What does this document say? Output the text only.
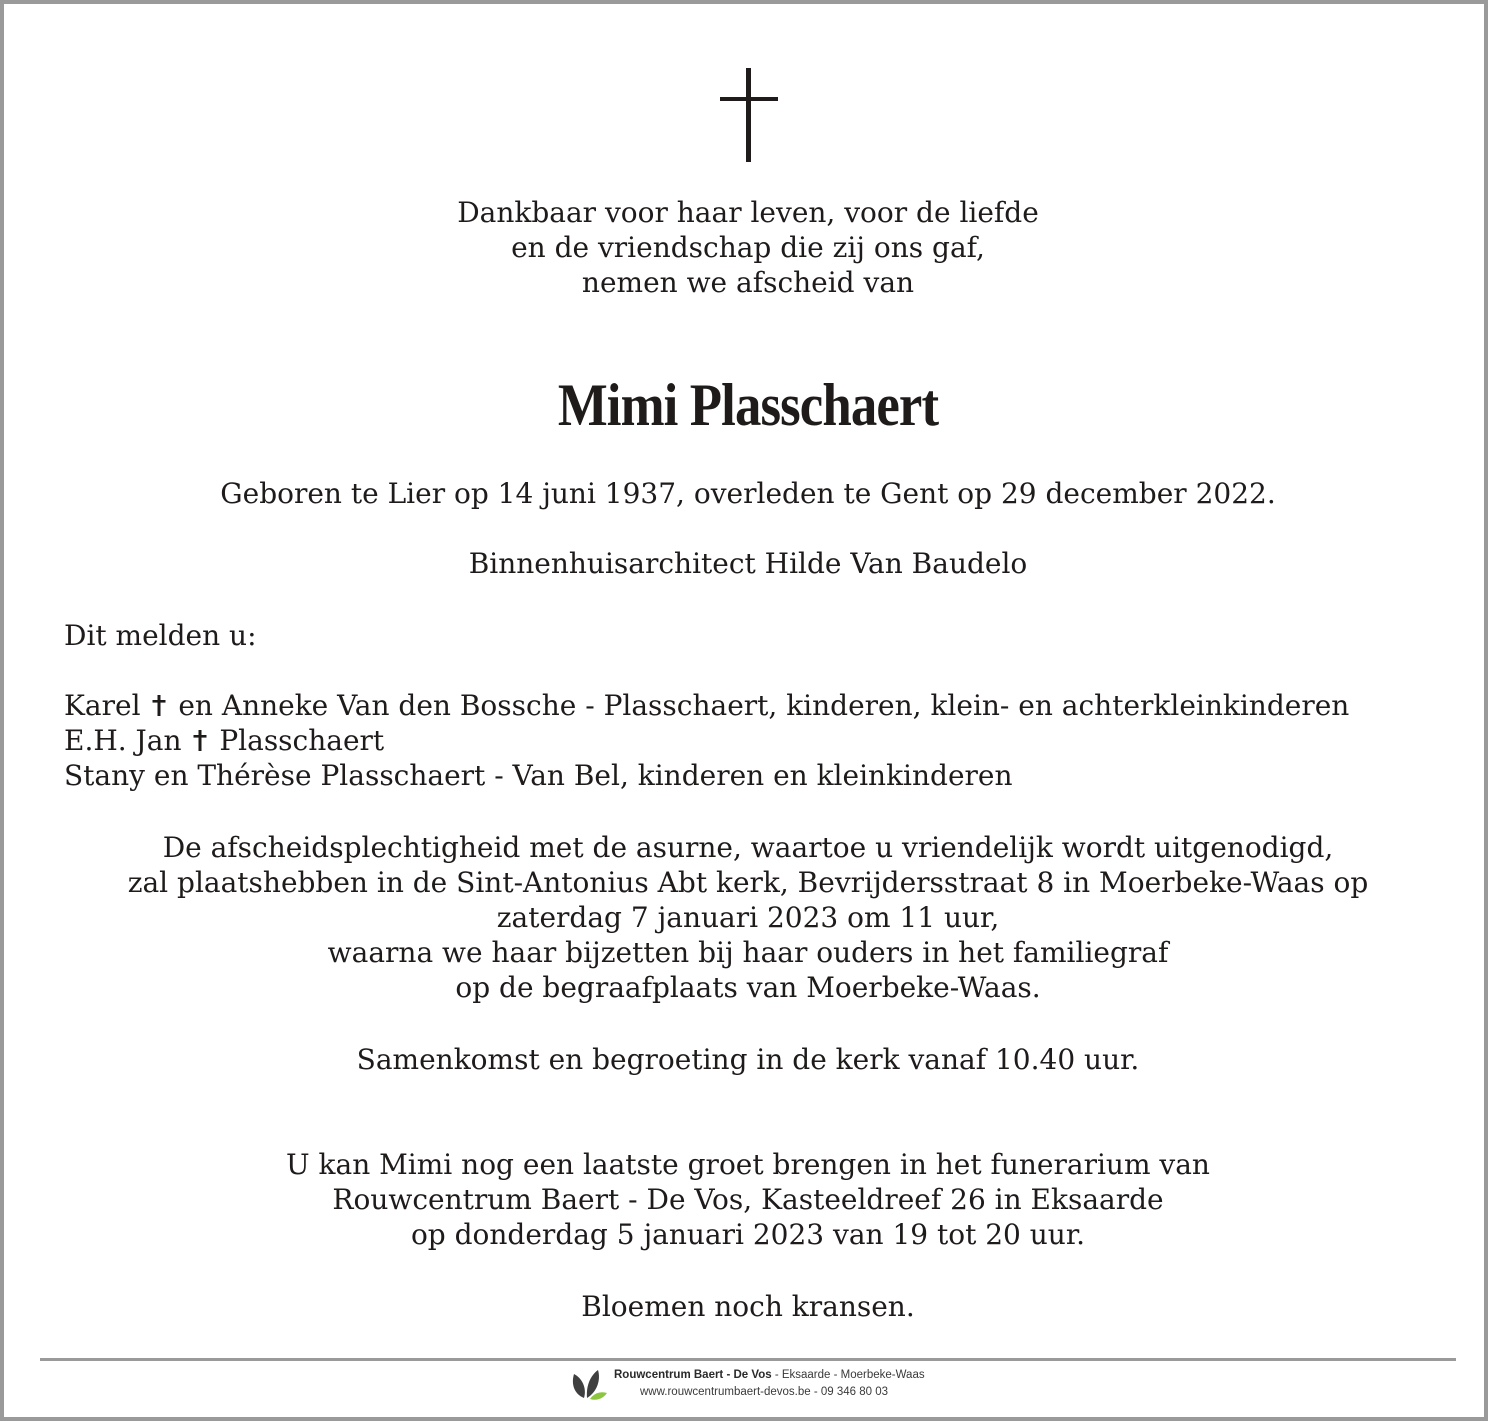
Dankbaar voor haar leven, voor de liefde
en de vriendschap die zij ons gaf,
nemen we afscheid van
Mimi Plasschaert
Geboren te Lier op 14 juni 1937, overleden te Gent op 29 december 2022.
Binnenhuisarchitect Hilde Van Baudelo
Dit melden u:
Karel en Anneke Van den Bossche - Plasschaert, kinderen, klein- en achterkleinkinderen
E.H. Jan Plasschaert
Stany en Thérèse Plasschaert - Van Bel, kinderen en kleinkinderen
De afscheidsplechtigheid met de asurne, waartoe u vriendelijk wordt uitgenodigd,
zal plaatshebben in de Sint-Antonius Abt kerk, Bevrijdersstraat 8 in Moerbeke-Waas op
zaterdag 7 januari 2023 om 11 uur,
waarna we haar bijzetten bij haar ouders in het familiegraf
op de begraafplaats van Moerbeke-Waas.
Samenkomst en begroeting in de kerk vanaf 10.40 uur.
U kan Mimi nog een laatste groet brengen in het funerarium van
Rouwcentrum Baert - De Vos, Kasteeldreef 26 in Eksaarde
op donderdag 5 januari 2023 van 19 tot 20 uur.
Bloemen noch kransen.
Rouwcentrum Baert - De Vos - Eksaarde - Moerbeke-Waas
www.rouwcentrumbaert-devos.be - 09 346 80 03
